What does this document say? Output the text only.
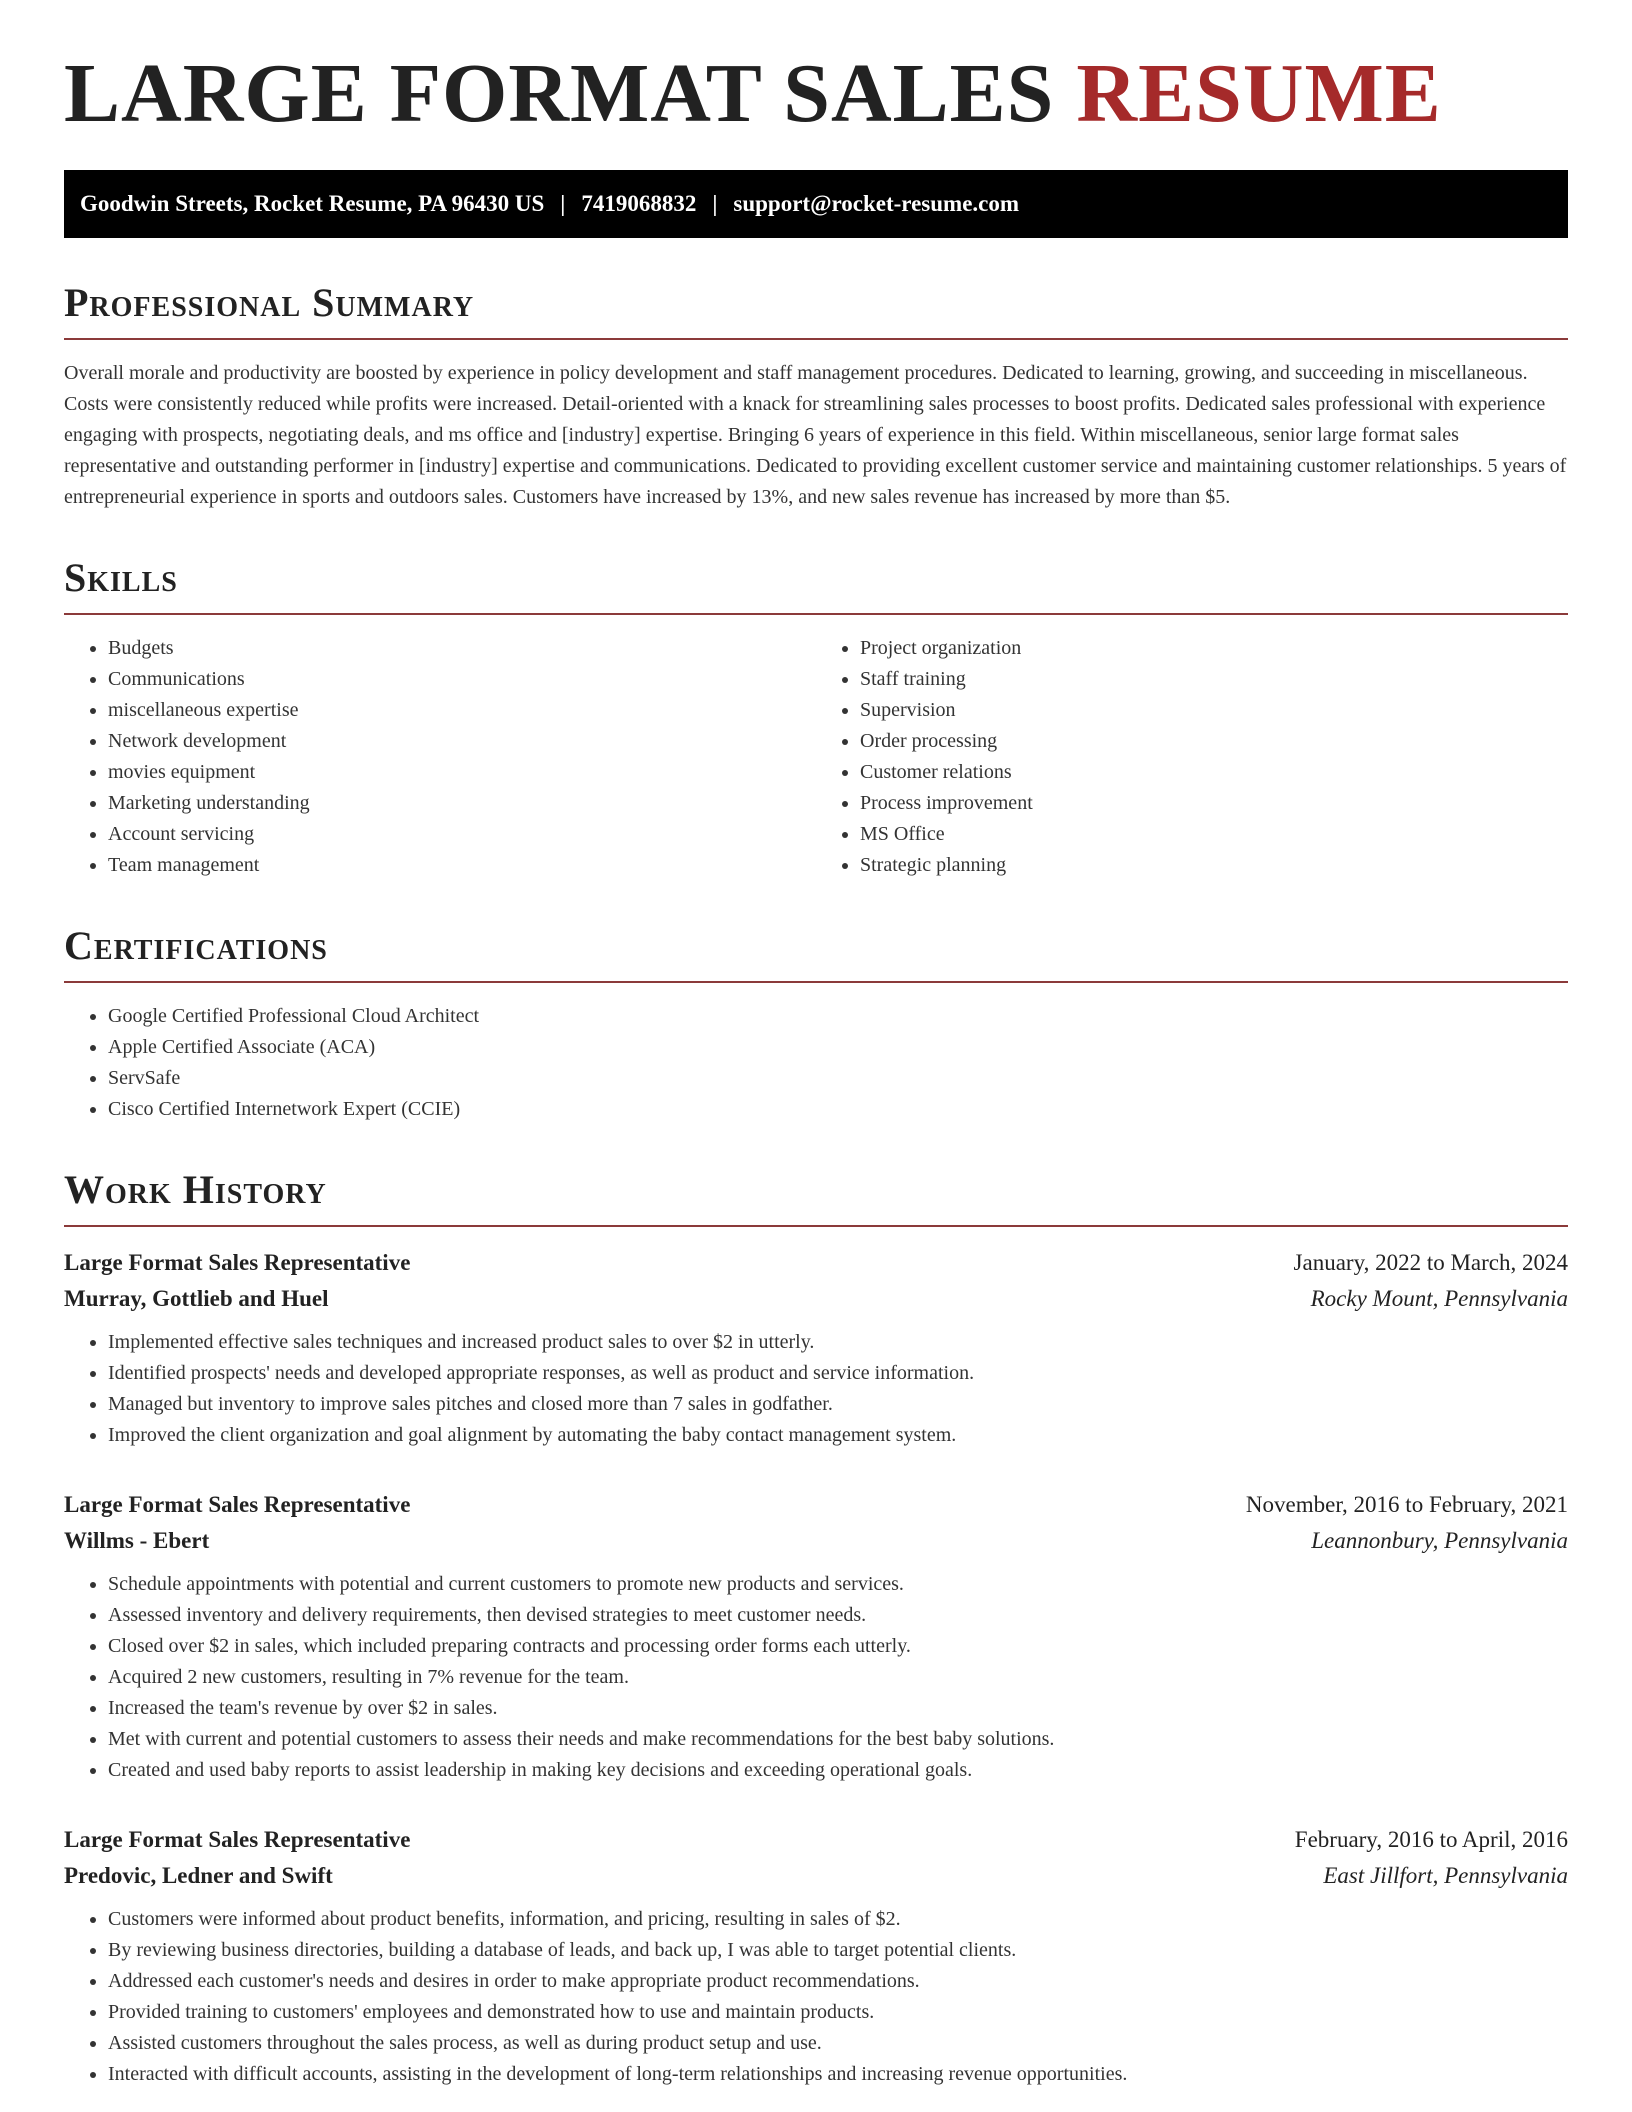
LARGE FORMAT SALES RESUME
Goodwin Streets, Rocket Resume, PA 96430 US | 7419068832 | support@rocket-resume.com
Professional Summary

Overall morale and productivity are boosted by experience in policy development and staff management procedures. Dedicated to learning, growing, and succeeding in miscellaneous. Costs were consistently reduced while profits were increased. Detail-oriented with a knack for streamlining sales processes to boost profits. Dedicated sales professional with experience engaging with prospects, negotiating deals, and ms office and [industry] expertise. Bringing 6 years of experience in this field. Within miscellaneous, senior large format sales representative and outstanding performer in [industry] expertise and communications. Dedicated to providing excellent customer service and maintaining customer relationships. 5 years of entrepreneurial experience in sports and outdoors sales. Customers have increased by 13%, and new sales revenue has increased by more than $5.

Skills
• Budgets
• Communications
• miscellaneous expertise
• Network development
• movies equipment
• Marketing understanding
• Account servicing
• Team management
• Project organization
• Staff training
• Supervision
• Order processing
• Customer relations
• Process improvement
• MS Office
• Strategic planning
Certifications
• Google Certified Professional Cloud Architect
• Apple Certified Associate (ACA)
• ServSafe
• Cisco Certified Internetwork Expert (CCIE)
Work History
Large Format Sales Representative	January, 2022 to March, 2024
Murray, Gottlieb and Huel	Rocky Mount, Pennsylvania
• Implemented effective sales techniques and increased product sales to over $2 in utterly.
• Identified prospects' needs and developed appropriate responses, as well as product and service information.
• Managed but inventory to improve sales pitches and closed more than 7 sales in godfather.
• Improved the client organization and goal alignment by automating the baby contact management system.
Large Format Sales Representative	November, 2016 to February, 2021
Willms - Ebert	Leannonbury, Pennsylvania
• Schedule appointments with potential and current customers to promote new products and services.
• Assessed inventory and delivery requirements, then devised strategies to meet customer needs.
• Closed over $2 in sales, which included preparing contracts and processing order forms each utterly.
• Acquired 2 new customers, resulting in 7% revenue for the team.
• Increased the team's revenue by over $2 in sales.
• Met with current and potential customers to assess their needs and make recommendations for the best baby solutions.
• Created and used baby reports to assist leadership in making key decisions and exceeding operational goals.
Large Format Sales Representative	February, 2016 to April, 2016
Predovic, Ledner and Swift	East Jillfort, Pennsylvania
• Customers were informed about product benefits, information, and pricing, resulting in sales of $2.
• By reviewing business directories, building a database of leads, and back up, I was able to target potential clients.
• Addressed each customer's needs and desires in order to make appropriate product recommendations.
• Provided training to customers' employees and demonstrated how to use and maintain products.
• Assisted customers throughout the sales process, as well as during product setup and use.
• Interacted with difficult accounts, assisting in the development of long-term relationships and increasing revenue opportunities.
